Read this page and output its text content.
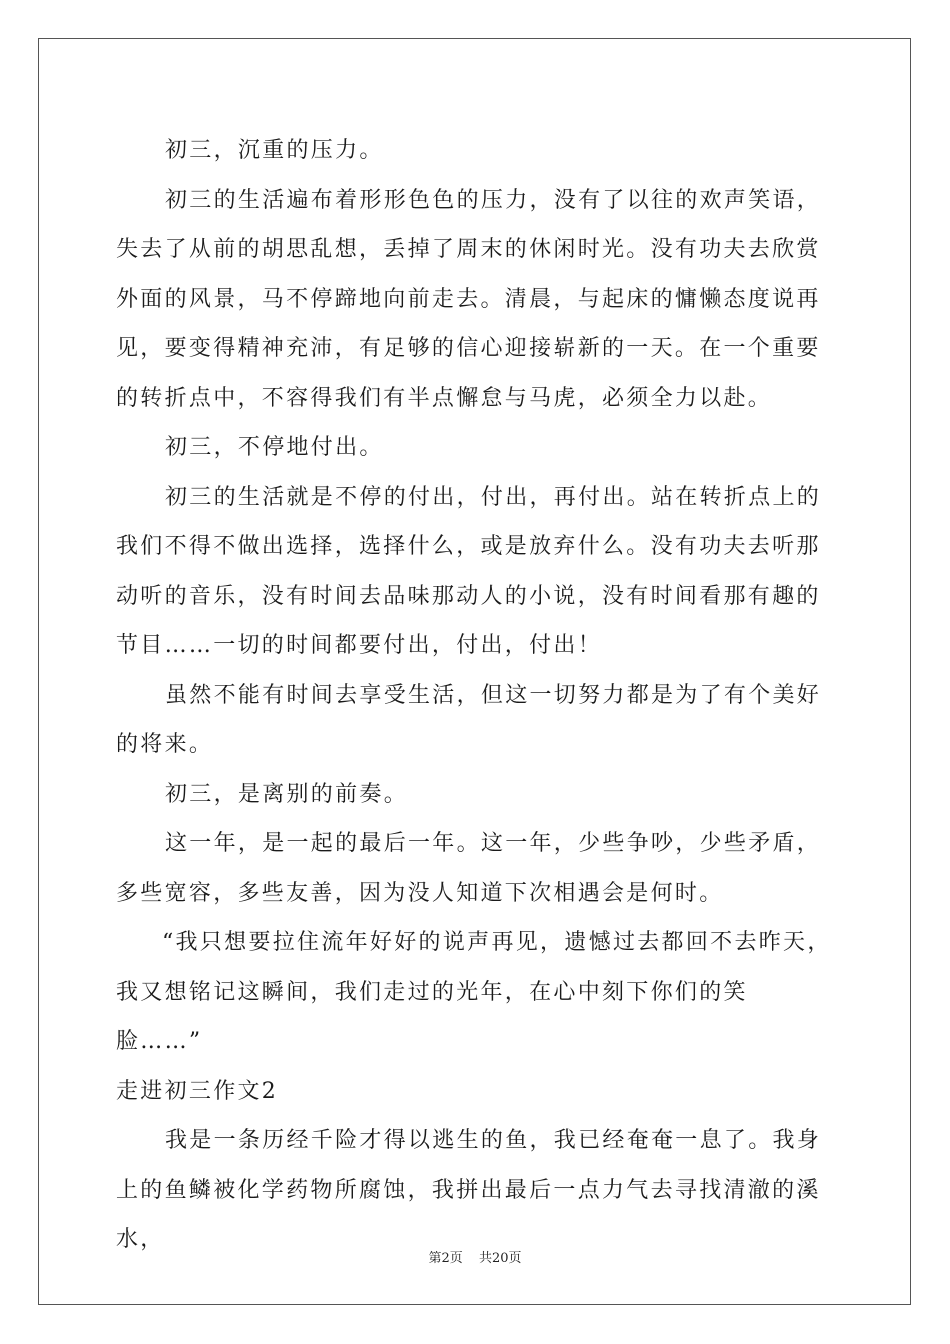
初三，沉重的压力。

初三的生活遍布着形形色色的压力，没有了以往的欢声笑语，失去了从前的胡思乱想，丢掉了周末的休闲时光。没有功夫去欣赏外面的风景，马不停蹄地向前走去。清晨，与起床的慵懒态度说再见，要变得精神充沛，有足够的信心迎接崭新的一天。在一个重要的转折点中，不容得我们有半点懈怠与马虎，必须全力以赴。

初三，不停地付出。

初三的生活就是不停的付出，付出，再付出。站在转折点上的我们不得不做出选择，选择什么，或是放弃什么。没有功夫去听那动听的音乐，没有时间去品味那动人的小说，没有时间看那有趣的节目……一切的时间都要付出，付出，付出！

虽然不能有时间去享受生活，但这一切努力都是为了有个美好的将来。

初三，是离别的前奏。

这一年，是一起的最后一年。这一年，少些争吵，少些矛盾，多些宽容，多些友善，因为没人知道下次相遇会是何时。

“我只想要拉住流年好好的说声再见，遗憾过去都回不去昨天，我又想铭记这瞬间，我们走过的光年，在心中刻下你们的笑脸……”

走进初三作文2

我是一条历经千险才得以逃生的鱼，我已经奄奄一息了。我身上的鱼鳞被化学药物所腐蚀，我拼出最后一点力气去寻找清澈的溪水，

第2页 共20页
